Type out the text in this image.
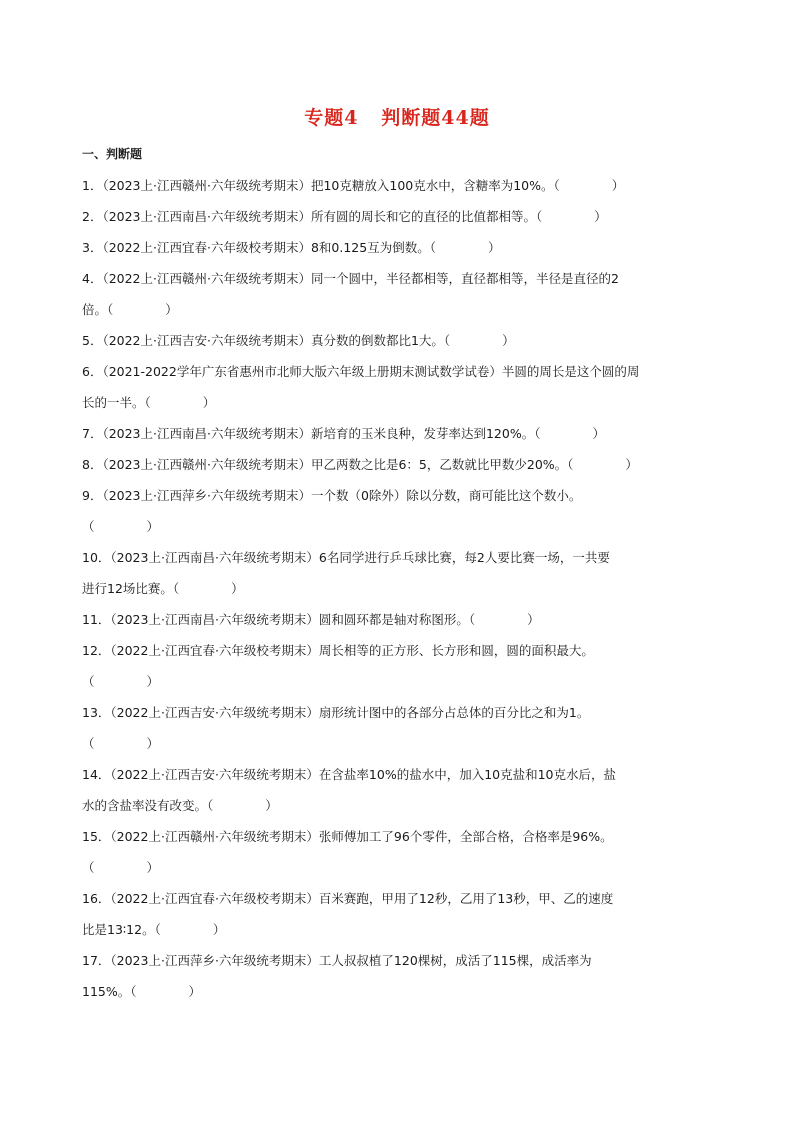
专题4   判断题44题
一、判断题
1．（2023上·江西赣州·六年级统考期末）把10克糖放入100克水中，含糖率为10%。（	）
2．（2023上·江西南昌·六年级统考期末）所有圆的周长和它的直径的比值都相等。（	）
3．（2022上·江西宜春·六年级校考期末）8和0.125互为倒数。（	）
4．（2022上·江西赣州·六年级统考期末）同一个圆中，半径都相等，直径都相等，半径是直径的2
倍。（	）
5．（2022上·江西吉安·六年级统考期末）真分数的倒数都比1大。（	）
6．（2021-2022学年广东省惠州市北师大版六年级上册期末测试数学试卷）半圆的周长是这个圆的周
长的一半。（	）
7．（2023上·江西南昌·六年级统考期末）新培育的玉米良种，发芽率达到120%。（	）
8．（2023上·江西赣州·六年级统考期末）甲乙两数之比是6：5，乙数就比甲数少20%。（	）
9．（2023上·江西萍乡·六年级统考期末）一个数（0除外）除以分数，商可能比这个数小。
（	）
10．（2023上·江西南昌·六年级统考期末）6名同学进行乒乓球比赛，每2人要比赛一场，一共要
进行12场比赛。（	）
11．（2023上·江西南昌·六年级统考期末）圆和圆环都是轴对称图形。（	）
12．（2022上·江西宜春·六年级校考期末）周长相等的正方形、长方形和圆，圆的面积最大。
（	）
13．（2022上·江西吉安·六年级统考期末）扇形统计图中的各部分占总体的百分比之和为1。
（	）
14．（2022上·江西吉安·六年级统考期末）在含盐率10%的盐水中，加入10克盐和10克水后，盐
水的含盐率没有改变。（	）
15．（2022上·江西赣州·六年级统考期末）张师傅加工了96个零件，全部合格，合格率是96%。
（	）
16．（2022上·江西宜春·六年级校考期末）百米赛跑，甲用了12秒，乙用了13秒，甲、乙的速度
比是13∶12。（	）
17．（2023上·江西萍乡·六年级统考期末）工人叔叔植了120棵树，成活了115棵，成活率为
115%。（	）
